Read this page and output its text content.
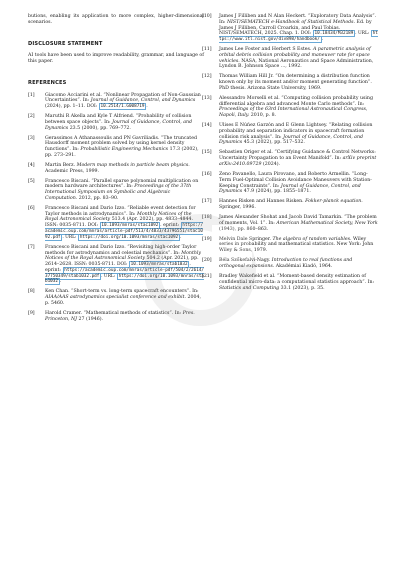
butions, enabling its application to more complex, higher-dimensional scenarios.

DISCLOSURE STATEMENT

AI tools have been used to improve readability, grammar, and language of this paper.

REFERENCES
[1] Giacomo Acciarini et al. “Nonlinear Propagation of Non-Gaussian Uncertainties”. In: Journal of Guidance, Control, and Dynamics (2024), pp. 1–11. DOI: 10.2514/1.G008719 .
[2] Maruthi R Akella and Kyle T Alfriend. “Probability of collision between space objects”. In: Journal of Guidance, Control, and Dynamics 23.5 (2000), pp. 769–772.
[3] Gerassimos A Athanassoulis and PN Gavriliadis. “The truncated Hausdorff moment problem solved by using kernel density functions”. In: Probabilistic Engineering Mechanics 17.3 (2002), pp. 273–291.
[4] Martin Berz. Modern map methods in particle beam physics. Academic Press, 1999.
[5] Francesco Biscani. “Parallel sparse polynomial multiplication on modern hardware architectures”. In: Proceedings of the 37th International Symposium on Symbolic and Algebraic Computation. 2012, pp. 83–90.
[6] Francesco Biscani and Dario Izzo. “Reliable event detection for Taylor methods in astrodynamics”. In: Monthly Notices of the Royal Astronomical Society 513.4 (Apr. 2022), pp. 4833–4844. ISSN: 0035-8711. DOI: 10.1093/mnras/stac1092 . eprint: https://academic.oup.com/mnras/article-pdf/513/4/4833/43796551/stac1092.pdf . URL: https://doi.org/10.1093/mnras/stac1092 .
[7] Francesco Biscani and Dario Izzo. “Revisiting high-order Taylor methods for astrodynamics and celestial mechanics”. In: Monthly Notices of the Royal Astronomical Society 504.2 (Apr. 2021), pp. 2614–2628. ISSN: 0035-8711. DOI: 10.1093/mnras/stab1032 . eprint: https://academic.oup.com/mnras/article-pdf/504/2/2614/37750349/stab1032.pdf . URL: https://doi.org/10.1093/mnras/stab1032 .
[8] Ken Chan. “Short-term vs. long-term spacecraft encounters”. In: AIAA/AAS astrodynamics specialist conference and exhibit. 2004, p. 5460.
[9] Harold Cramer. “Mathematical methods of statistics”. In: Pres. Princeton, NJ 27 (1946).
[10] James J Filliben and N Alan Heckert. “Exploratory Data Analysis”. In: NIST/SEMATECH e-Handbook of Statistical Methods. Ed. by James J Filliben, Carroll Croarkin, and Paul Tobias. NIST/SEMATECH, 2025. Chap. 1. DOI: 10.18434/M32189 . URL: https://www.itl.nist.gov/div898/handbook/ .
[11] James Lee Foster and Herbert S Estes. A parametric analysis of orbital debris collision probability and maneuver rate for space vehicles. NASA, National Aeronautics and Space Administration, Lyndon B. Johnson Space ..., 1992.
[12] Thomas William Hill Jr. “On determining a distribution function known only by its moment and/or moment generating function”. PhD thesis. Arizona State University, 1969.
[13] Alessandro Morselli et al. “Computing collision probability using differential algebra and advanced Monte Carlo methods”. In: Proceedings of the 63rd International Astronautical Congress, Napoli, Italy. 2010, p. 8.
[14] Ulises E Núñez Garzón and E Glenn Lightsey. “Relating collision probability and separation indicators in spacecraft formation collision risk analysis”. In: Journal of Guidance, Control, and Dynamics 45.3 (2022), pp. 517–532.
[15] Sebastien Origer et al. “Certifying Guidance & Control Networks: Uncertainty Propagation to an Event Manifold”. In: arXiv preprint arXiv:2410.09729 (2024).
[16] Zeno Pavanello, Laura Pirovano, and Roberto Armellin. “Long-Term Fuel-Optimal Collision Avoidance Maneuvers with Station-Keeping Constraints”. In: Journal of Guidance, Control, and Dynamics 47.9 (2024), pp. 1855–1871.
[17] Hannes Risken and Hannes Risken. Fokker-planck equation. Springer, 1996.
[18] James Alexander Shohat and Jacob David Tamarkin. “The problem of moments, Vol. 1”. In: American Mathematical Society, New York (1943), pp. 860–863.
[19] Melvin Dale Springer. The algebra of random variables. Wiley series in probability and mathematical statistics. New York: John Wiley & Sons, 1979.
[20] Béla Szőkefalvi-Nagy. Introduction to real functions and orthogonal expansions. Akadémiai Kiadó, 1964.
[21] Bradley Wakefield et al. “Moment-based density estimation of confidential micro-data: a computational statistics approach”. In: Statistics and Computing 33.1 (2023), p. 35.
